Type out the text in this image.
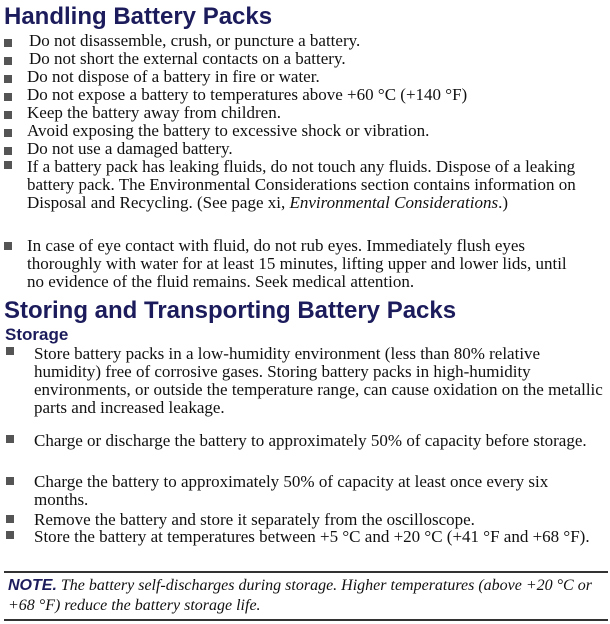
Handling Battery Packs

Do not disassemble, crush, or puncture a battery.

Do not short the external contacts on a battery.

Do not dispose of a battery in fire or water.

Do not expose a battery to temperatures above +60 °C (+140 °F)

Keep the battery away from children.

Avoid exposing the battery to excessive shock or vibration.

Do not use a damaged battery.

If a battery pack has leaking fluids, do not touch any fluids. Dispose of a leaking battery pack. The Environmental Considerations section contains information on Disposal and Recycling. (See page xi, Environmental Considerations.)

In case of eye contact with fluid, do not rub eyes. Immediately flush eyes thoroughly with water for at least 15 minutes, lifting upper and lower lids, until no evidence of the fluid remains. Seek medical attention.

Storing and Transporting Battery Packs
Storage

Store battery packs in a low-humidity environment (less than 80% relative humidity) free of corrosive gases. Storing battery packs in high-humidity environments, or outside the temperature range, can cause oxidation on the metallic parts and increased leakage.

Charge or discharge the battery to approximately 50% of capacity before storage.

Charge the battery to approximately 50% of capacity at least once every six months.

Remove the battery and store it separately from the oscilloscope.

Store the battery at temperatures between +5 °C and +20 °C (+41 °F and +68 °F).

NOTE. The battery self-discharges during storage. Higher temperatures (above +20 °C or +68 °F) reduce the battery storage life.
